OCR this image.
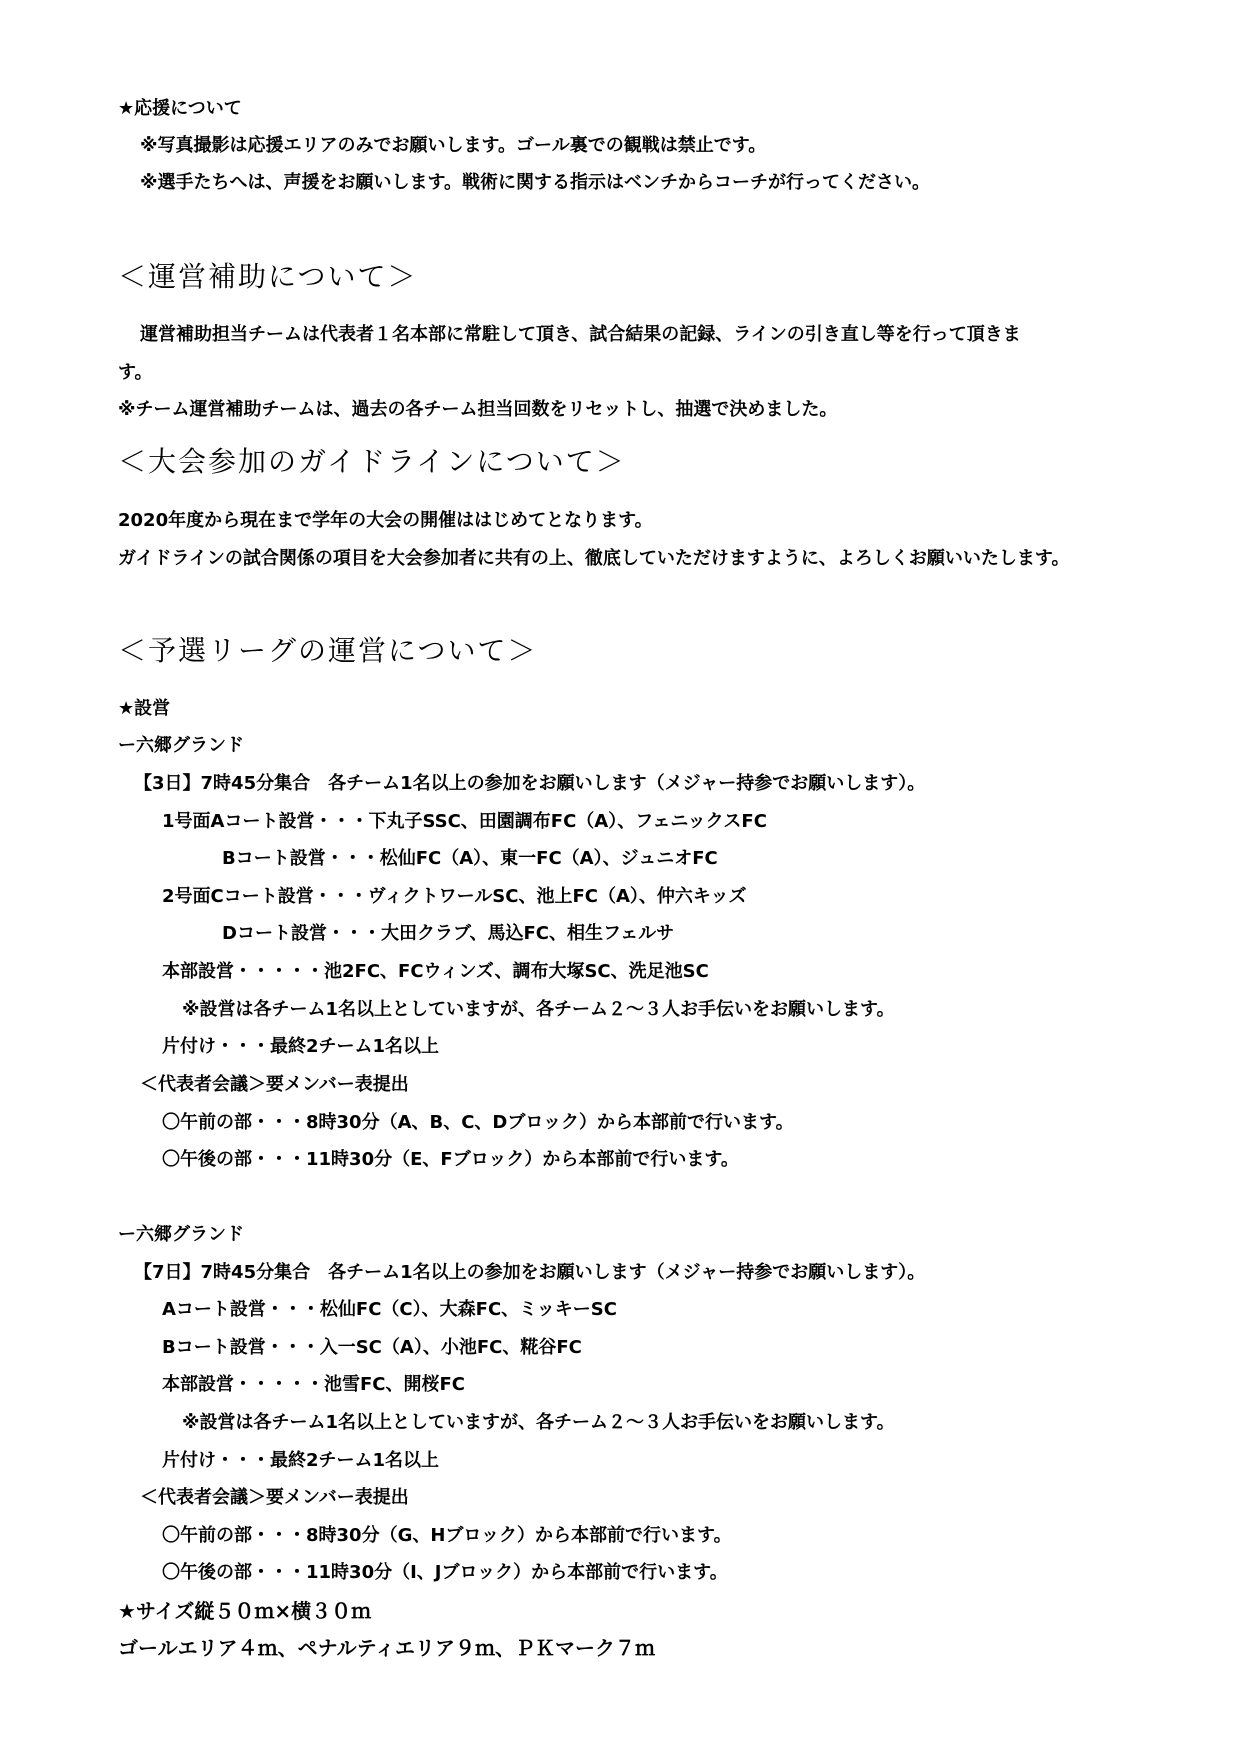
★応援について
※写真撮影は応援エリアのみでお願いします。ゴール裏での観戦は禁止です。
※選手たちへは、声援をお願いします。戦術に関する指示はベンチからコーチが行ってください。
＜運営補助について＞
運営補助担当チームは代表者１名本部に常駐して頂き、試合結果の記録、ラインの引き直し等を行って頂きま
す。
※チーム運営補助チームは、過去の各チーム担当回数をリセットし、抽選で決めました。
＜大会参加のガイドラインについて＞
2020年度から現在まで学年の大会の開催ははじめてとなります。
ガイドラインの試合関係の項目を大会参加者に共有の上、徹底していただけますように、よろしくお願いいたします。
＜予選リーグの運営について＞
★設営
ー六郷グランド
【3日】7時45分集合　各チーム1名以上の参加をお願いします（メジャー持参でお願いします）。
1号面Aコート設営・・・下丸子SSC、田園調布FC（A）、フェニックスFC
Bコート設営・・・松仙FC（A）、東一FC（A）、ジュニオFC
2号面Cコート設営・・・ヴィクトワールSC、池上FC（A）、仲六キッズ
Dコート設営・・・大田クラブ、馬込FC、相生フェルサ
本部設営・・・・・池2FC、FCウィンズ、調布大塚SC、洗足池SC
※設営は各チーム1名以上としていますが、各チーム２～３人お手伝いをお願いします。
片付け・・・最終2チーム1名以上
＜代表者会議＞要メンバー表提出
〇午前の部・・・8時30分（A、B、C、Dブロック）から本部前で行います。
〇午後の部・・・11時30分（E、Fブロック）から本部前で行います。
ー六郷グランド
【7日】7時45分集合　各チーム1名以上の参加をお願いします（メジャー持参でお願いします）。
Aコート設営・・・松仙FC（C）、大森FC、ミッキーSC
Bコート設営・・・入一SC（A）、小池FC、糀谷FC
本部設営・・・・・池雪FC、開桜FC
※設営は各チーム1名以上としていますが、各チーム２～３人お手伝いをお願いします。
片付け・・・最終2チーム1名以上
＜代表者会議＞要メンバー表提出
〇午前の部・・・8時30分（G、Hブロック）から本部前で行います。
〇午後の部・・・11時30分（I、Jブロック）から本部前で行います。
★サイズ縦５０ｍ×横３０ｍ
ゴールエリア４ｍ、ペナルティエリア９ｍ、ＰＫマーク７ｍ
